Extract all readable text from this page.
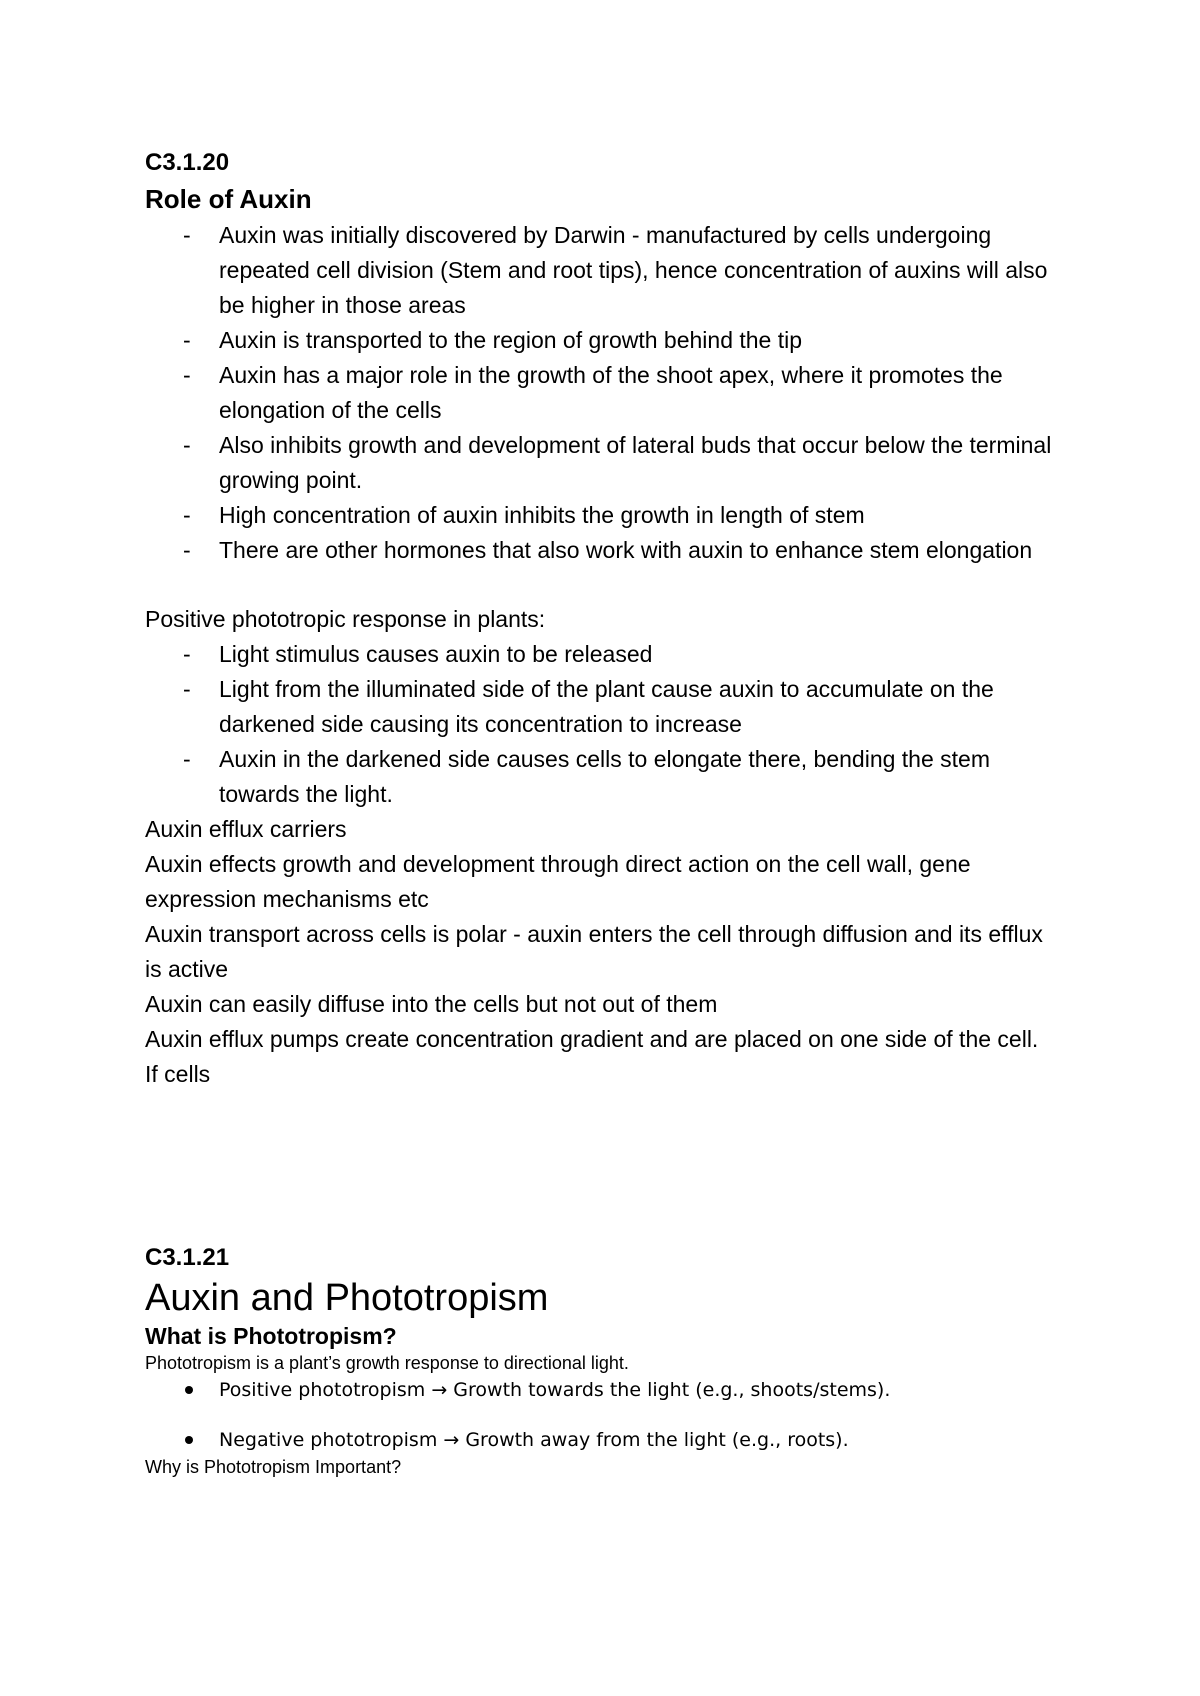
C3.1.20

Role of Auxin

- Auxin was initially discovered by Darwin - manufactured by cells undergoing repeated cell division (Stem and root tips), hence concentration of auxins will also be higher in those areas
- Auxin is transported to the region of growth behind the tip
- Auxin has a major role in the growth of the shoot apex, where it promotes the elongation of the cells
- Also inhibits growth and development of lateral buds that occur below the terminal growing point.
- High concentration of auxin inhibits the growth in length of stem
- There are other hormones that also work with auxin to enhance stem elongation

Positive phototropic response in plants:

- Light stimulus causes auxin to be released
- Light from the illuminated side of the plant cause auxin to accumulate on the darkened side causing its concentration to increase
- Auxin in the darkened side causes cells to elongate there, bending the stem towards the light.

Auxin efflux carriers

Auxin effects growth and development through direct action on the cell wall, gene expression mechanisms etc

Auxin transport across cells is polar - auxin enters the cell through diffusion and its efflux is active

Auxin can easily diffuse into the cells but not out of them

Auxin efflux pumps create concentration gradient and are placed on one side of the cell.

If cells

C3.1.21

Auxin and Phototropism

What is Phototropism?

Phototropism is a plant’s growth response to directional light.

Positive phototropism → Growth towards the light (e.g., shoots/stems).
Negative phototropism → Growth away from the light (e.g., roots).

Why is Phototropism Important?
